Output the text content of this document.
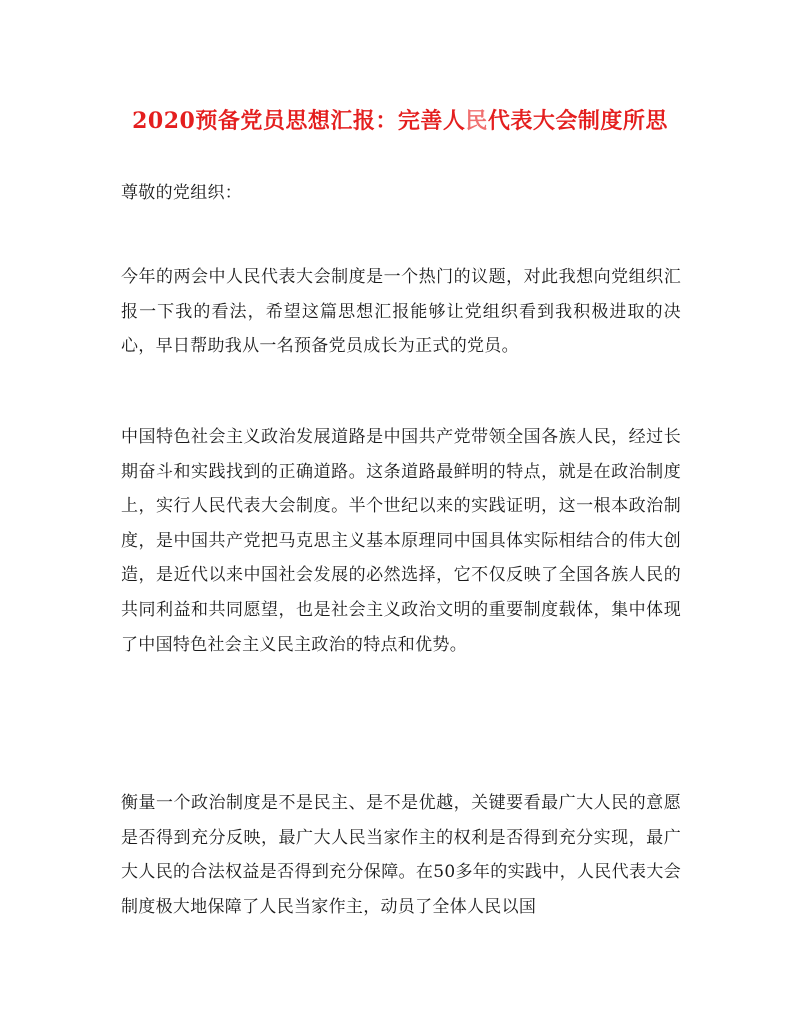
2020预备党员思想汇报：完善人民代表大会制度所思

尊敬的党组织：

今年的两会中人民代表大会制度是一个热门的议题，对此我想向党组织汇报一下我的看法，希望这篇思想汇报能够让党组织看到我积极进取的决心，早日帮助我从一名预备党员成长为正式的党员。

中国特色社会主义政治发展道路是中国共产党带领全国各族人民，经过长期奋斗和实践找到的正确道路。这条道路最鲜明的特点，就是在政治制度上，实行人民代表大会制度。半个世纪以来的实践证明，这一根本政治制度，是中国共产党把马克思主义基本原理同中国具体实际相结合的伟大创造，是近代以来中国社会发展的必然选择，它不仅反映了全国各族人民的共同利益和共同愿望，也是社会主义政治文明的重要制度载体，集中体现了中国特色社会主义民主政治的特点和优势。

衡量一个政治制度是不是民主、是不是优越，关键要看最广大人民的意愿是否得到充分反映，最广大人民当家作主的权利是否得到充分实现，最广大人民的合法权益是否得到充分保障。在50多年的实践中，人民代表大会制度极大地保障了人民当家作主，动员了全体人民以国
